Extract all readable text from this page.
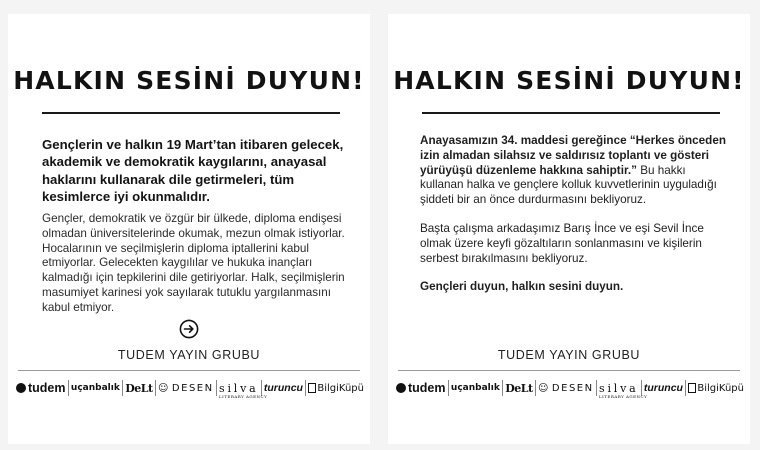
HALKIN SESİNİ DUYUN!
Gençlerin ve halkın 19 Mart’tan itibaren gelecek, akademik ve demokratik kaygılarını, anayasal haklarını kullanarak dile getirmeleri, tüm kesimlerce iyi okunmalıdır.
Gençler, demokratik ve özgür bir ülkede, diploma endişesi olmadan üniversitelerinde okumak, mezun olmak istiyorlar. Hocalarının ve seçilmişlerin diploma iptallerini kabul etmiyorlar. Gelecekten kaygılılar ve hukuka inançları kalmadığı için tepkilerini dile getiriyorlar. Halk, seçilmişlerin masumiyet karinesi yok sayılarak tutuklu yargılanmasını kabul etmiyor.
TUDEM YAYIN GRUBU
tudem uçanbalık DeLt ☺ DESEN silva
LITERARY AGENCY
turuncu BilgiKüpü
HALKIN SESİNİ DUYUN!

Anayasamızın 34. maddesi gereğince “Herkes önceden izin almadan silahsız ve saldırısız toplantı ve gösteri yürüyüşü düzenleme hakkına sahiptir.” Bu hakkı kullanan halka ve gençlere kolluk kuvvetlerinin uyguladığı şiddeti bir an önce durdurmasını bekliyoruz.

Başta çalışma arkadaşımız Barış İnce ve eşi Sevil İnce olmak üzere keyfi gözaltıların sonlanmasını ve kişilerin serbest bırakılmasını bekliyoruz.

Gençleri duyun, halkın sesini duyun.

TUDEM YAYIN GRUBU
tudem uçanbalık DeLt ☺ DESEN silva
LITERARY AGENCY
turuncu BilgiKüpü
